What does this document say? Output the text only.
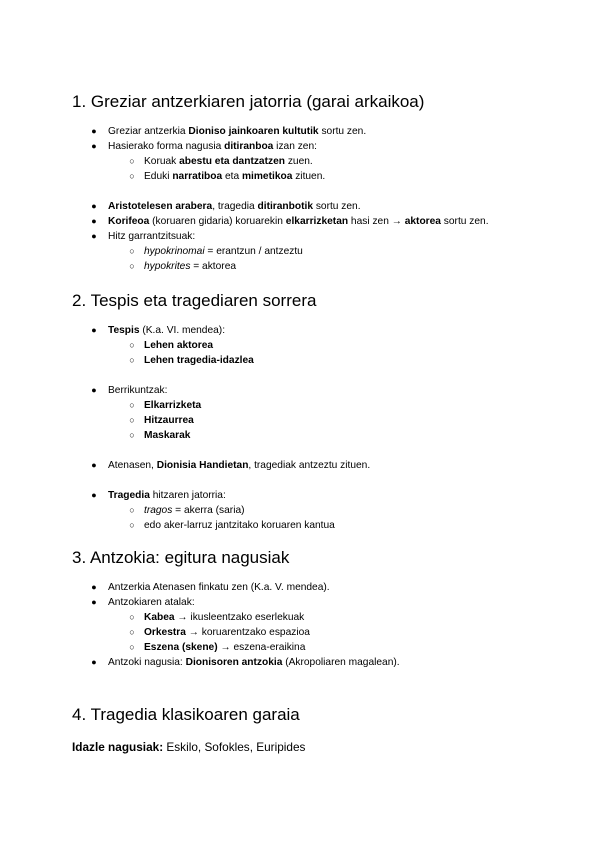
1. Greziar antzerkiaren jatorria (garai arkaikoa)
● Greziar antzerkia Dioniso jainkoaren kultutik sortu zen.
● Hasierako forma nagusia ditiranboa izan zen:
○ Koruak abestu eta dantzatzen zuen.
○ Eduki narratiboa eta mimetikoa zituen.
● Aristotelesen arabera, tragedia ditiranbotik sortu zen.
● Korifeoa (koruaren gidaria) koruarekin elkarrizketan hasi zen → aktorea sortu zen.
● Hitz garrantzitsuak:
○ hypokrinomai = erantzun / antzeztu
○ hypokrites = aktorea
2. Tespis eta tragediaren sorrera
● Tespis (K.a. VI. mendea):
○ Lehen aktorea
○ Lehen tragedia-idazlea
● Berrikuntzak:
○ Elkarrizketa
○ Hitzaurrea
○ Maskarak
● Atenasen, Dionisia Handietan, tragediak antzeztu zituen.
● Tragedia hitzaren jatorria:
○ tragos = akerra (saria)
○ edo aker-larruz jantzitako koruaren kantua
3. Antzokia: egitura nagusiak
● Antzerkia Atenasen finkatu zen (K.a. V. mendea).
● Antzokiaren atalak:
○ Kabea → ikusleentzako eserlekuak
○ Orkestra → koruarentzako espazioa
○ Eszena (skene) → eszena-eraikina
● Antzoki nagusia: Dionisoren antzokia (Akropoliaren magalean).
4. Tragedia klasikoaren garaia
Idazle nagusiak: Eskilo, Sofokles, Euripides
